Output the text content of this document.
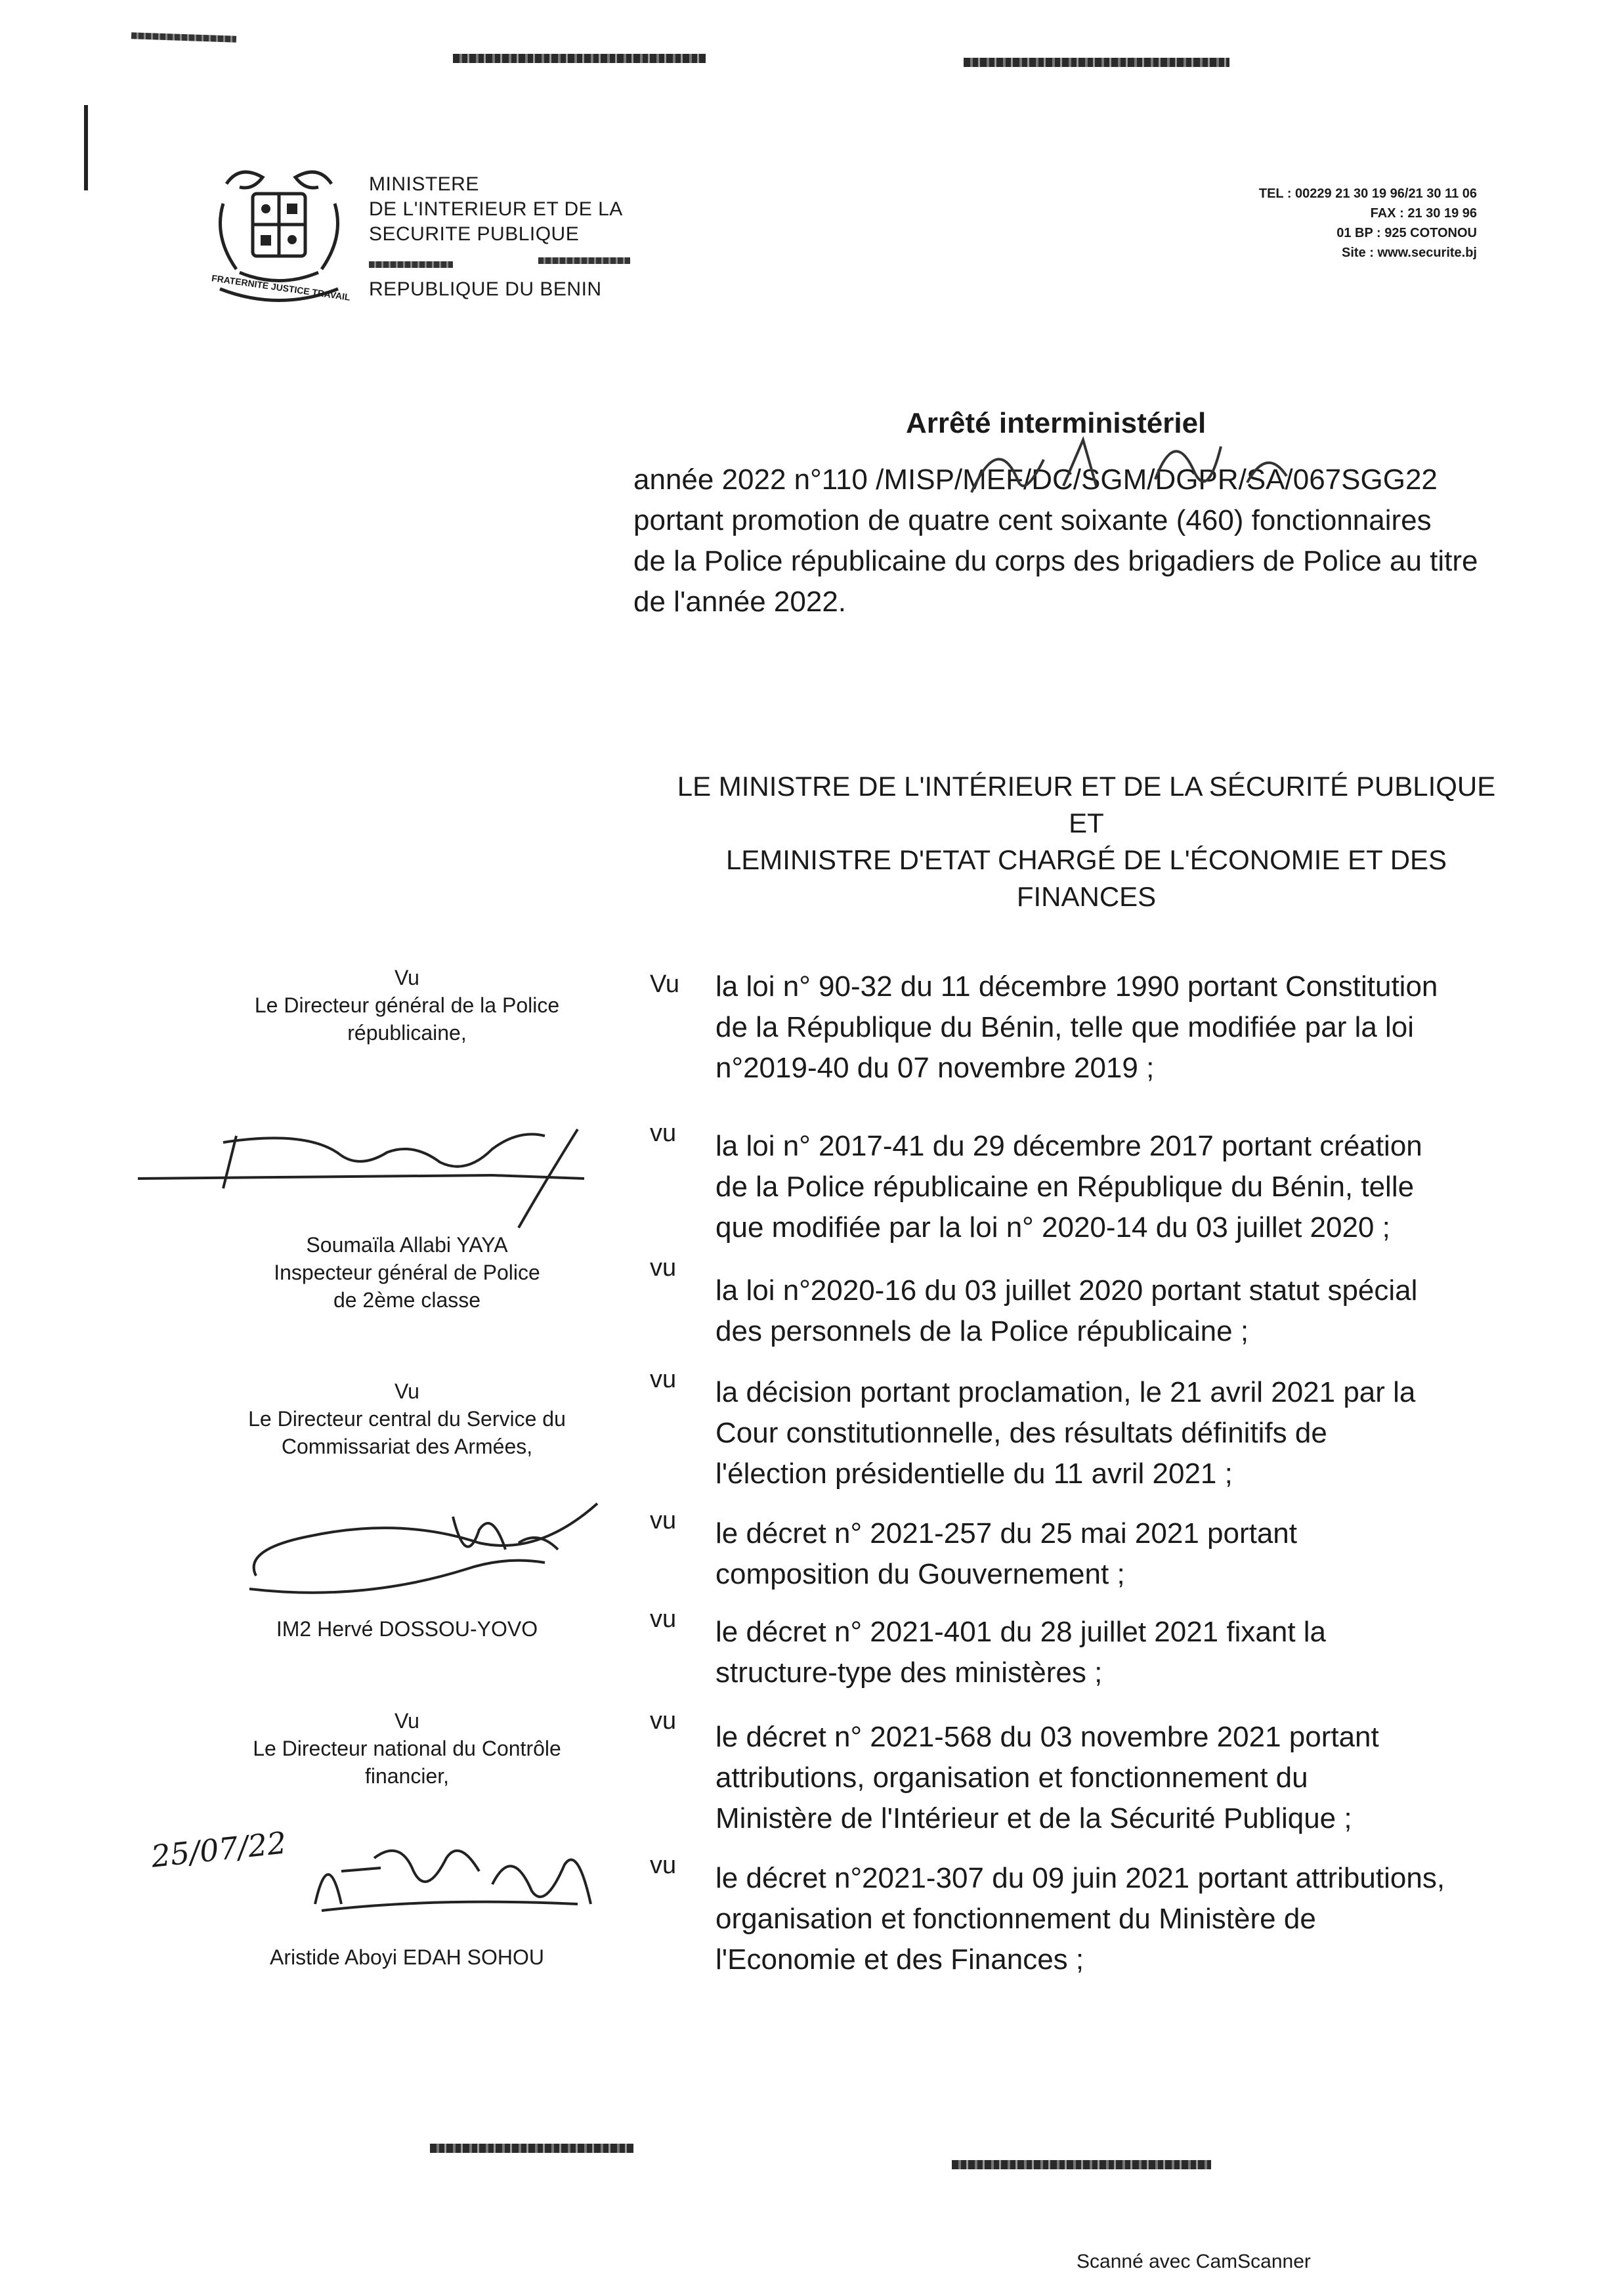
FRATERNITE JUSTICE TRAVAIL
MINISTERE
DE L'INTERIEUR ET DE LA
SECURITE PUBLIQUE
REPUBLIQUE DU BENIN
TEL : 00229 21 30 19 96/21 30 11 06
FAX : 21 30 19 96
01 BP : 925 COTONOU
Site : www.securite.bj
Arrêté interministériel
année 2022 n°110 /MISP/MEF/DC/SGM/DGPR/SA/067SGG22
portant promotion de quatre cent soixante (460) fonctionnaires
de la Police républicaine du corps des brigadiers de Police au titre
de l'année 2022.
LE MINISTRE DE L'INTÉRIEUR ET DE LA SÉCURITÉ PUBLIQUE
ET
LEMINISTRE D'ETAT CHARGÉ DE L'ÉCONOMIE ET DES
FINANCES
Vu
Le Directeur général de la Police
républicaine,
Soumaïla Allabi YAYA
Inspecteur général de Police
de 2ème classe
Vu
Le Directeur central du Service du
Commissariat des Armées,
IM2 Hervé DOSSOU-YOVO
Vu
Le Directeur national du Contrôle
financier,
25/07/22
Aristide Aboyi EDAH SOHOU
Vu la loi n° 90-32 du 11 décembre 1990 portant Constitution
de la République du Bénin, telle que modifiée par la loi
n°2019-40 du 07 novembre 2019 ;
vu la loi n° 2017-41 du 29 décembre 2017 portant création
de la Police républicaine en République du Bénin, telle
que modifiée par la loi n° 2020-14 du 03 juillet 2020 ;
vu
la loi n°2020-16 du 03 juillet 2020 portant statut spécial
des personnels de la Police républicaine ;
vu la décision portant proclamation, le 21 avril 2021 par la
Cour constitutionnelle, des résultats définitifs de
l'élection présidentielle du 11 avril 2021 ;
vu le décret n° 2021-257 du 25 mai 2021 portant
composition du Gouvernement ;
vu le décret n° 2021-401 du 28 juillet 2021 fixant la
structure-type des ministères ;
vu le décret n° 2021-568 du 03 novembre 2021 portant
attributions, organisation et fonctionnement du
Ministère de l'Intérieur et de la Sécurité Publique ;
vu le décret n°2021-307 du 09 juin 2021 portant attributions,
organisation et fonctionnement du Ministère de
l'Economie et des Finances ;
Scanné avec CamScanner
